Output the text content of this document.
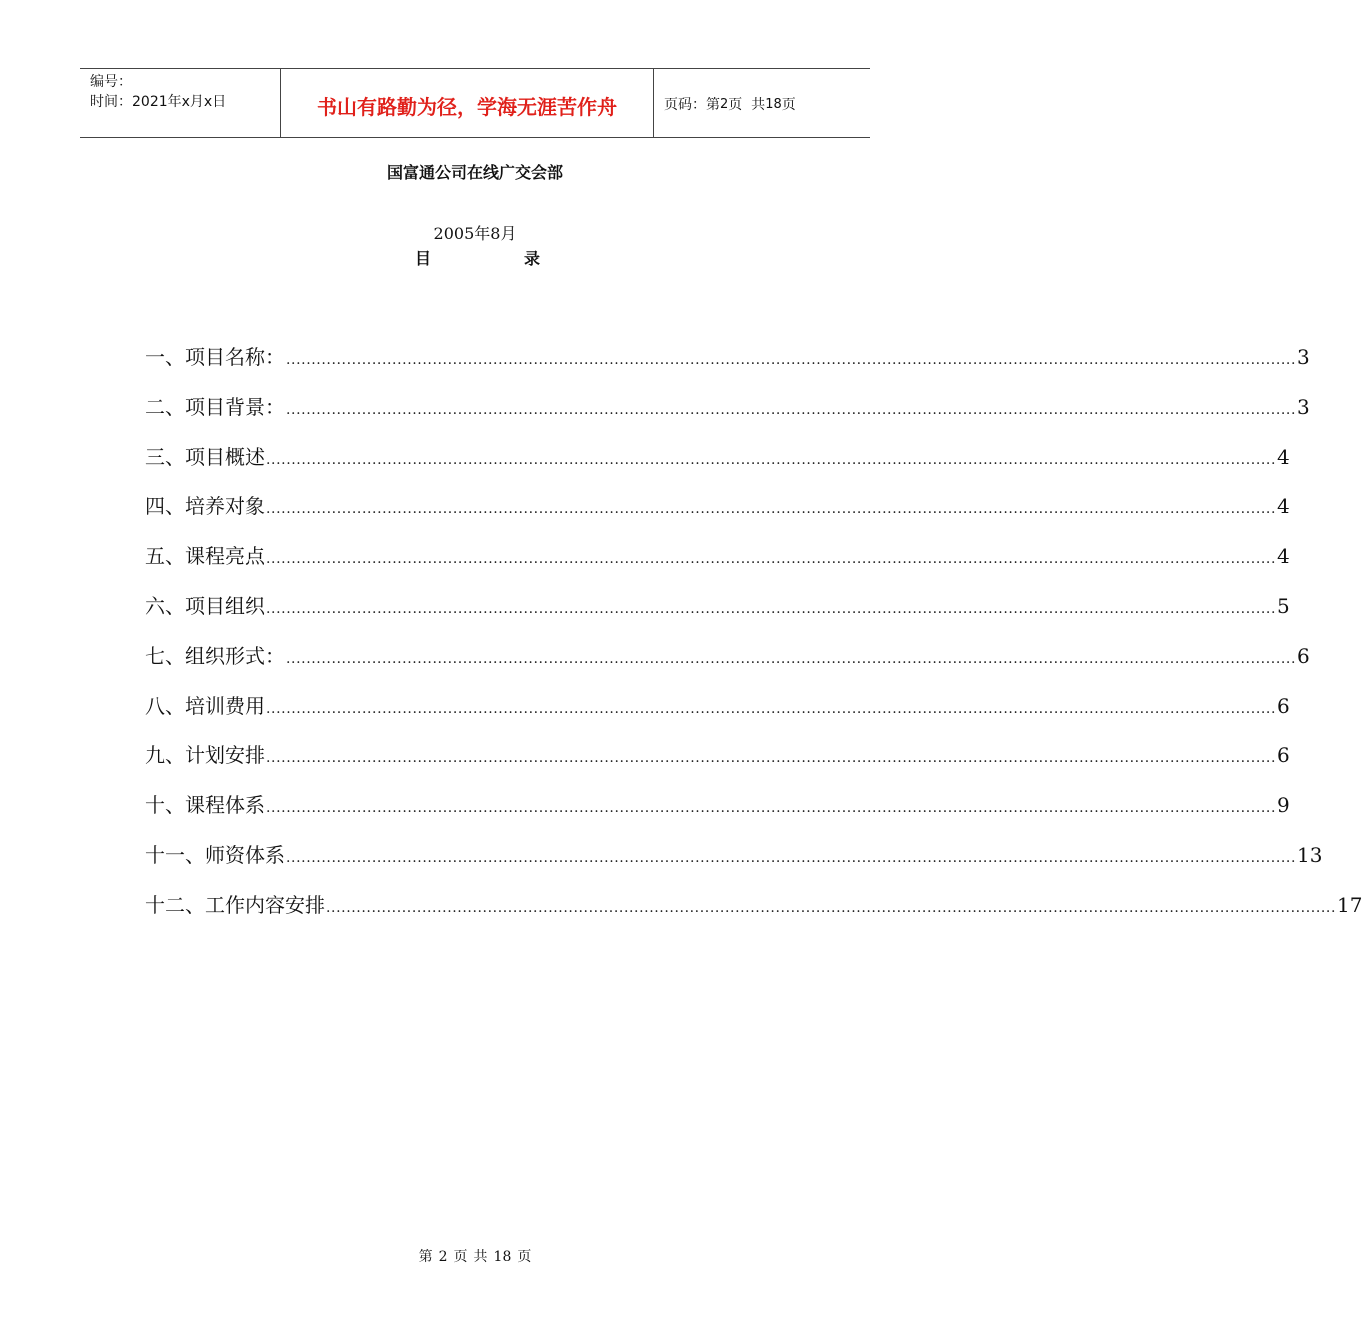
编号：
时间：2021年x月x日	书山有路勤为径，学海无涯苦作舟	页码：第 2 页  共 18 页
国富通公司在线广交会部
2005年8月
目	录
一、项目名称： ........................................................................................................................................................................................................ 3
二、项目背景： ........................................................................................................................................................................................................ 3
三、项目概述 ........................................................................................................................................................................................................ 4
四、培养对象 ........................................................................................................................................................................................................ 4
五、课程亮点 ........................................................................................................................................................................................................ 4
六、项目组织 ........................................................................................................................................................................................................ 5
七、组织形式： ........................................................................................................................................................................................................ 6
八、培训费用 ........................................................................................................................................................................................................ 6
九、计划安排 ........................................................................................................................................................................................................ 6
十、课程体系 ........................................................................................................................................................................................................ 9
十一、师资体系 ........................................................................................................................................................................................................ 13
十二、工作内容安排 ........................................................................................................................................................................................................ 17
第 2 页 共 18 页
